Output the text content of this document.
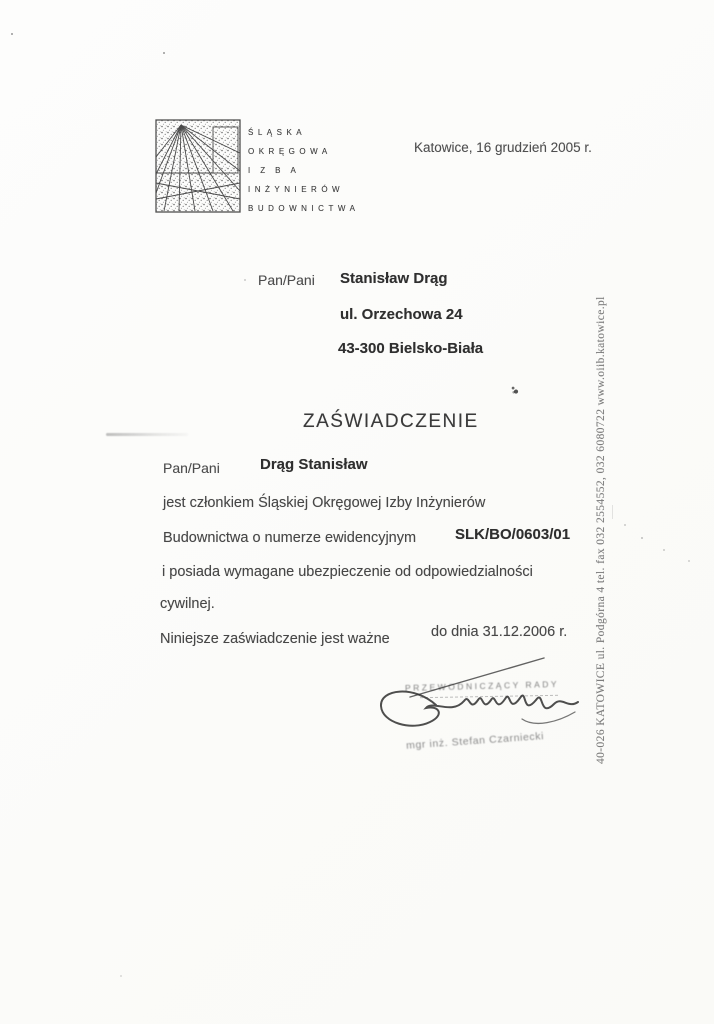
ŚLĄSKA
OKRĘGOWA
IZBA
INŻYNIERÓW
BUDOWNICTWA
Katowice, 16 grudzień 2005 r.
Pan/Pani Stanisław Drąg
ul. Orzechowa 24
43-300 Bielsko-Biała
ZAŚWIADCZENIE
Pan/Pani	Drąg Stanisław
jest członkiem Śląskiej Okręgowej Izby Inżynierów
Budownictwa o numerze ewidencyjnym	SLK/BO/0603/01
i posiada wymagane ubezpieczenie od odpowiedzialności
cywilnej.
Niniejsze zaświadczenie jest ważne	do dnia 31.12.2006 r.
PRZEWODNICZĄCY RADY
mgr inż. Stefan Czarniecki	40-026 KATOWICE ul. Podgórna 4 tel. fax 032 2554552, 032 6080722 www.oiib.katowice.pl
